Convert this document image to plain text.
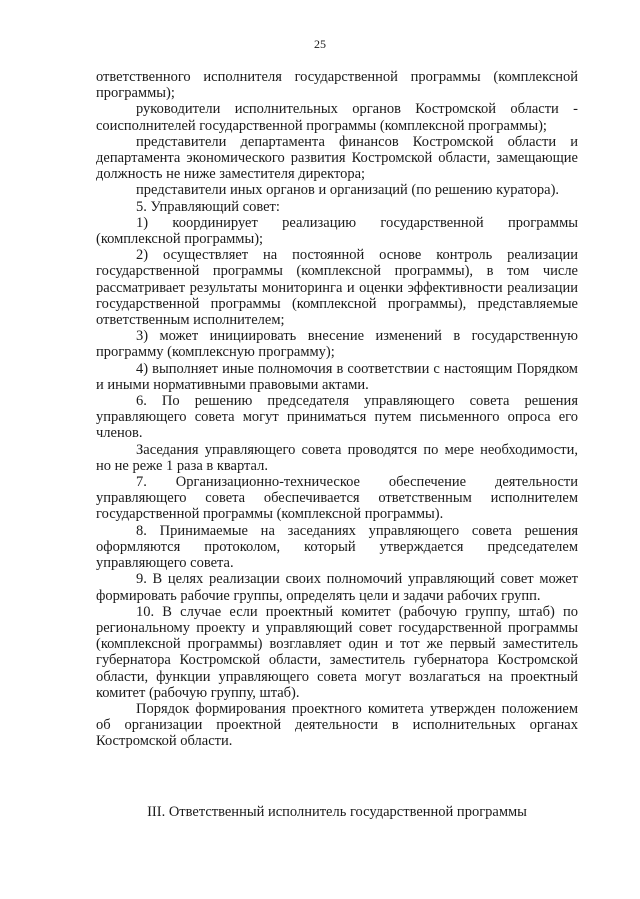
25

ответственного исполнителя государственной программы (комплексной программы);

руководители исполнительных органов Костромской области - соисполнителей государственной программы (комплексной программы);

представители департамента финансов Костромской области и департамента экономического развития Костромской области, замещающие должность не ниже заместителя директора;

представители иных органов и организаций (по решению куратора).

5. Управляющий совет:

1) координирует реализацию государственной программы (комплексной программы);

2) осуществляет на постоянной основе контроль реализации государственной программы (комплексной программы), в том числе рассматривает результаты мониторинга и оценки эффективности реализации государственной программы (комплексной программы), представляемые ответственным исполнителем;

3) может инициировать внесение изменений в государственную программу (комплексную программу);

4) выполняет иные полномочия в соответствии с настоящим Порядком и иными нормативными правовыми актами.

6. По решению председателя управляющего совета решения управляющего совета могут приниматься путем письменного опроса его членов.

Заседания управляющего совета проводятся по мере необходимости, но не реже 1 раза в квартал.

7. Организационно-техническое обеспечение деятельности управляющего совета обеспечивается ответственным исполнителем государственной программы (комплексной программы).

8. Принимаемые на заседаниях управляющего совета решения оформляются протоколом, который утверждается председателем управляющего совета.

9. В целях реализации своих полномочий управляющий совет может формировать рабочие группы, определять цели и задачи рабочих групп.

10. В случае если проектный комитет (рабочую группу, штаб) по региональному проекту и управляющий совет государственной программы (комплексной программы) возглавляет один и тот же первый заместитель губернатора Костромской области, заместитель губернатора Костромской области, функции управляющего совета могут возлагаться на проектный комитет (рабочую группу, штаб).

Порядок формирования проектного комитета утвержден положением об организации проектной деятельности в исполнительных органах Костромской области.

III. Ответственный исполнитель государственной программы
